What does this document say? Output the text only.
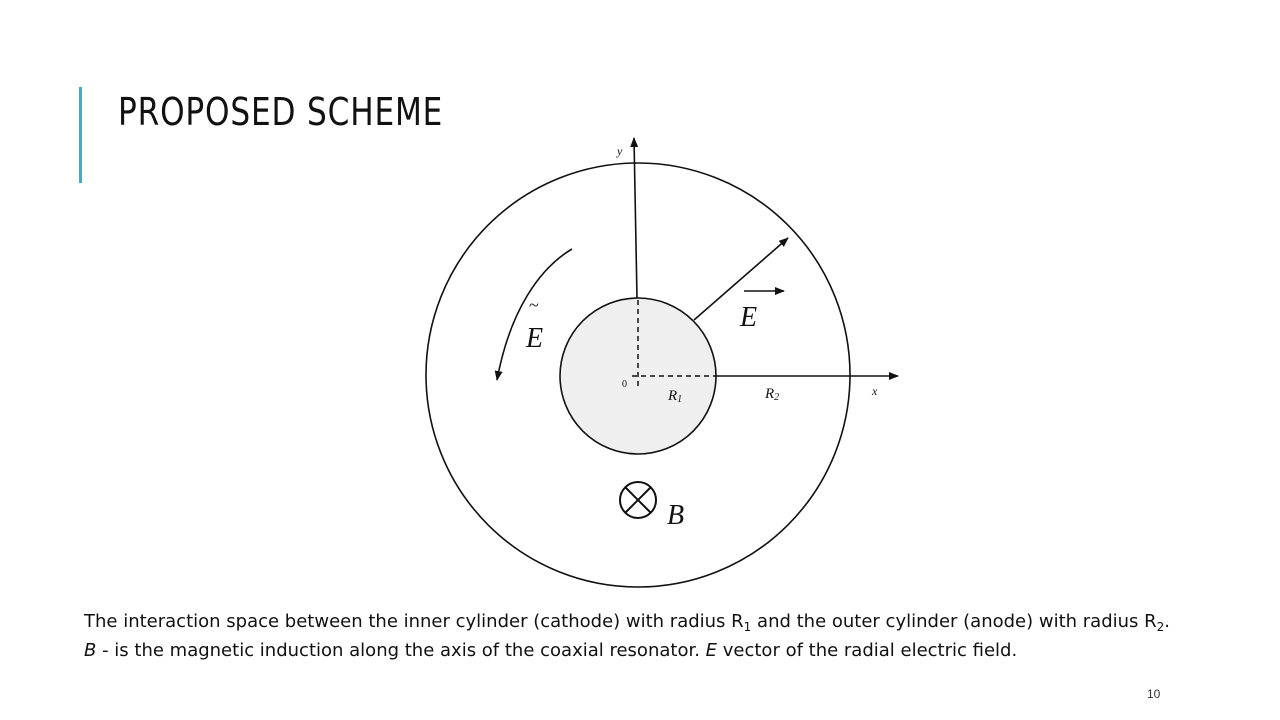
PROPOSED SCHEME
y
x
0
R1	R2
E
~
E
B
The interaction space between the inner cylinder (cathode) with radius $R_1$ and the outer cylinder (anode) with radius $R_2$.
B - is the magnetic induction along the axis of the coaxial resonator. E vector of the radial electric field.
10
